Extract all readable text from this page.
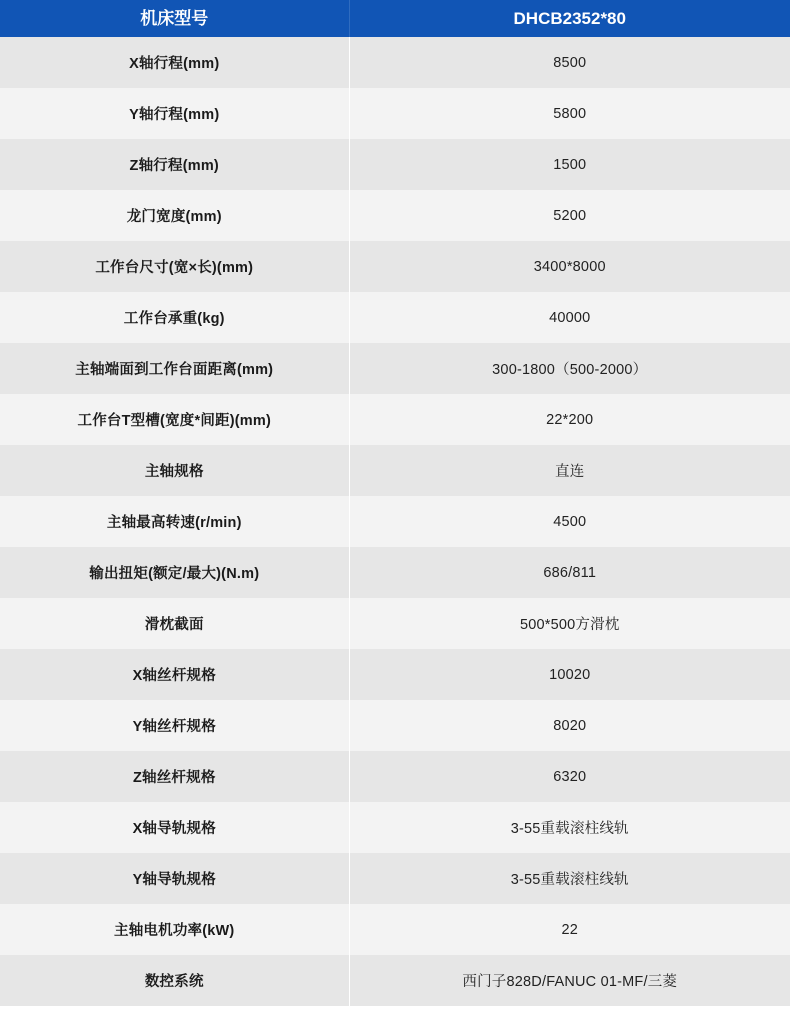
机床型号	DHCB2352*80
X轴行程(mm)	8500
Y轴行程(mm)	5800
Z轴行程(mm)	1500
龙门宽度(mm)	5200
工作台尺寸(宽×长)(mm)	3400*8000
工作台承重(kg)	40000
主轴端面到工作台面距离(mm)	300-1800（500-2000）
工作台T型槽(宽度*间距)(mm)	22*200
主轴规格	直连
主轴最高转速(r/min)	4500
输出扭矩(额定/最大)(N.m)	686/811
滑枕截面	500*500方滑枕
X轴丝杆规格	10020
Y轴丝杆规格	8020
Z轴丝杆规格	6320
X轴导轨规格	3-55重载滚柱线轨
Y轴导轨规格	3-55重载滚柱线轨
主轴电机功率(kW)	22
数控系统	西门子828D/FANUC 01-MF/三菱
